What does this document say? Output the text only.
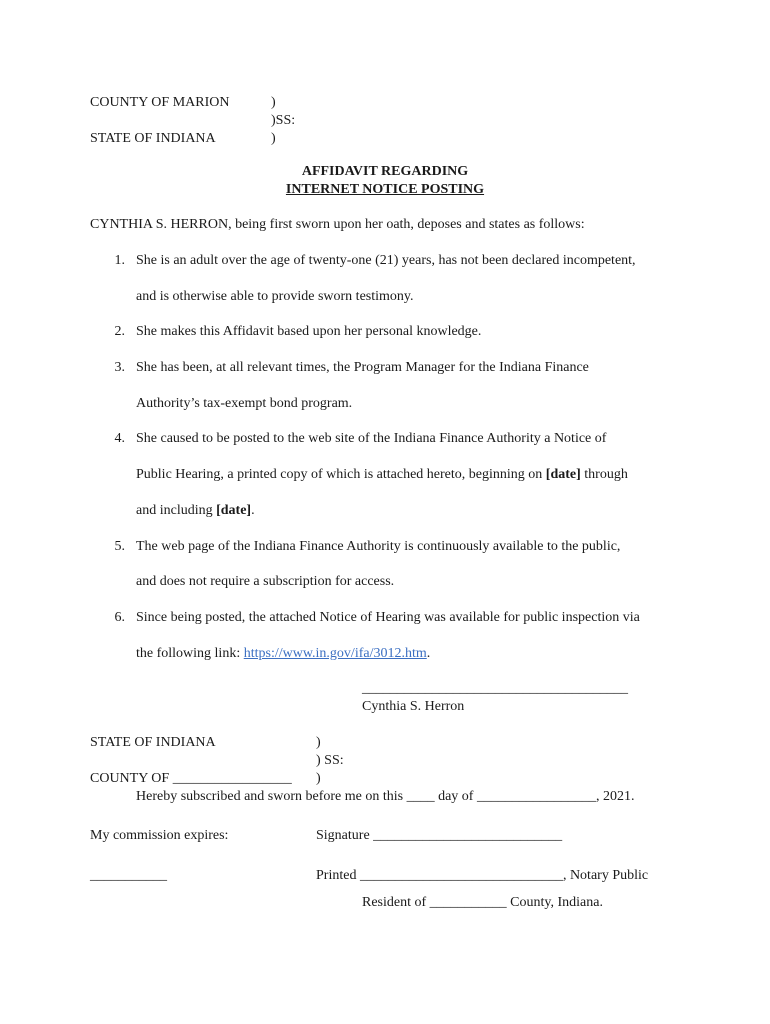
COUNTY OF MARION	)
)SS:
STATE OF INDIANA	)
AFFIDAVIT REGARDING
INTERNET NOTICE POSTING
CYNTHIA S. HERRON, being first sworn upon her oath, deposes and states as follows:
1. She is an adult over the age of twenty-one (21) years, has not been declared incompetent,
and is otherwise able to provide sworn testimony.
2. She makes this Affidavit based upon her personal knowledge.
3. She has been, at all relevant times, the Program Manager for the Indiana Finance
Authority’s tax-exempt bond program.
4. She caused to be posted to the web site of the Indiana Finance Authority a Notice of
Public Hearing, a printed copy of which is attached hereto, beginning on [date] through
and including [date].
5. The web page of the Indiana Finance Authority is continuously available to the public,
and does not require a subscription for access.
6. Since being posted, the attached Notice of Hearing was available for public inspection via
the following link: https://www.in.gov/ifa/3012.htm.
______________________________________
Cynthia S. Herron
STATE OF INDIANA	)
) SS:
COUNTY OF _________________ )
Hereby subscribed and sworn before me on this ____ day of _________________, 2021.
My commission expires:	Signature ___________________________
___________	Printed _____________________________, Notary Public
Resident of ___________ County, Indiana.
